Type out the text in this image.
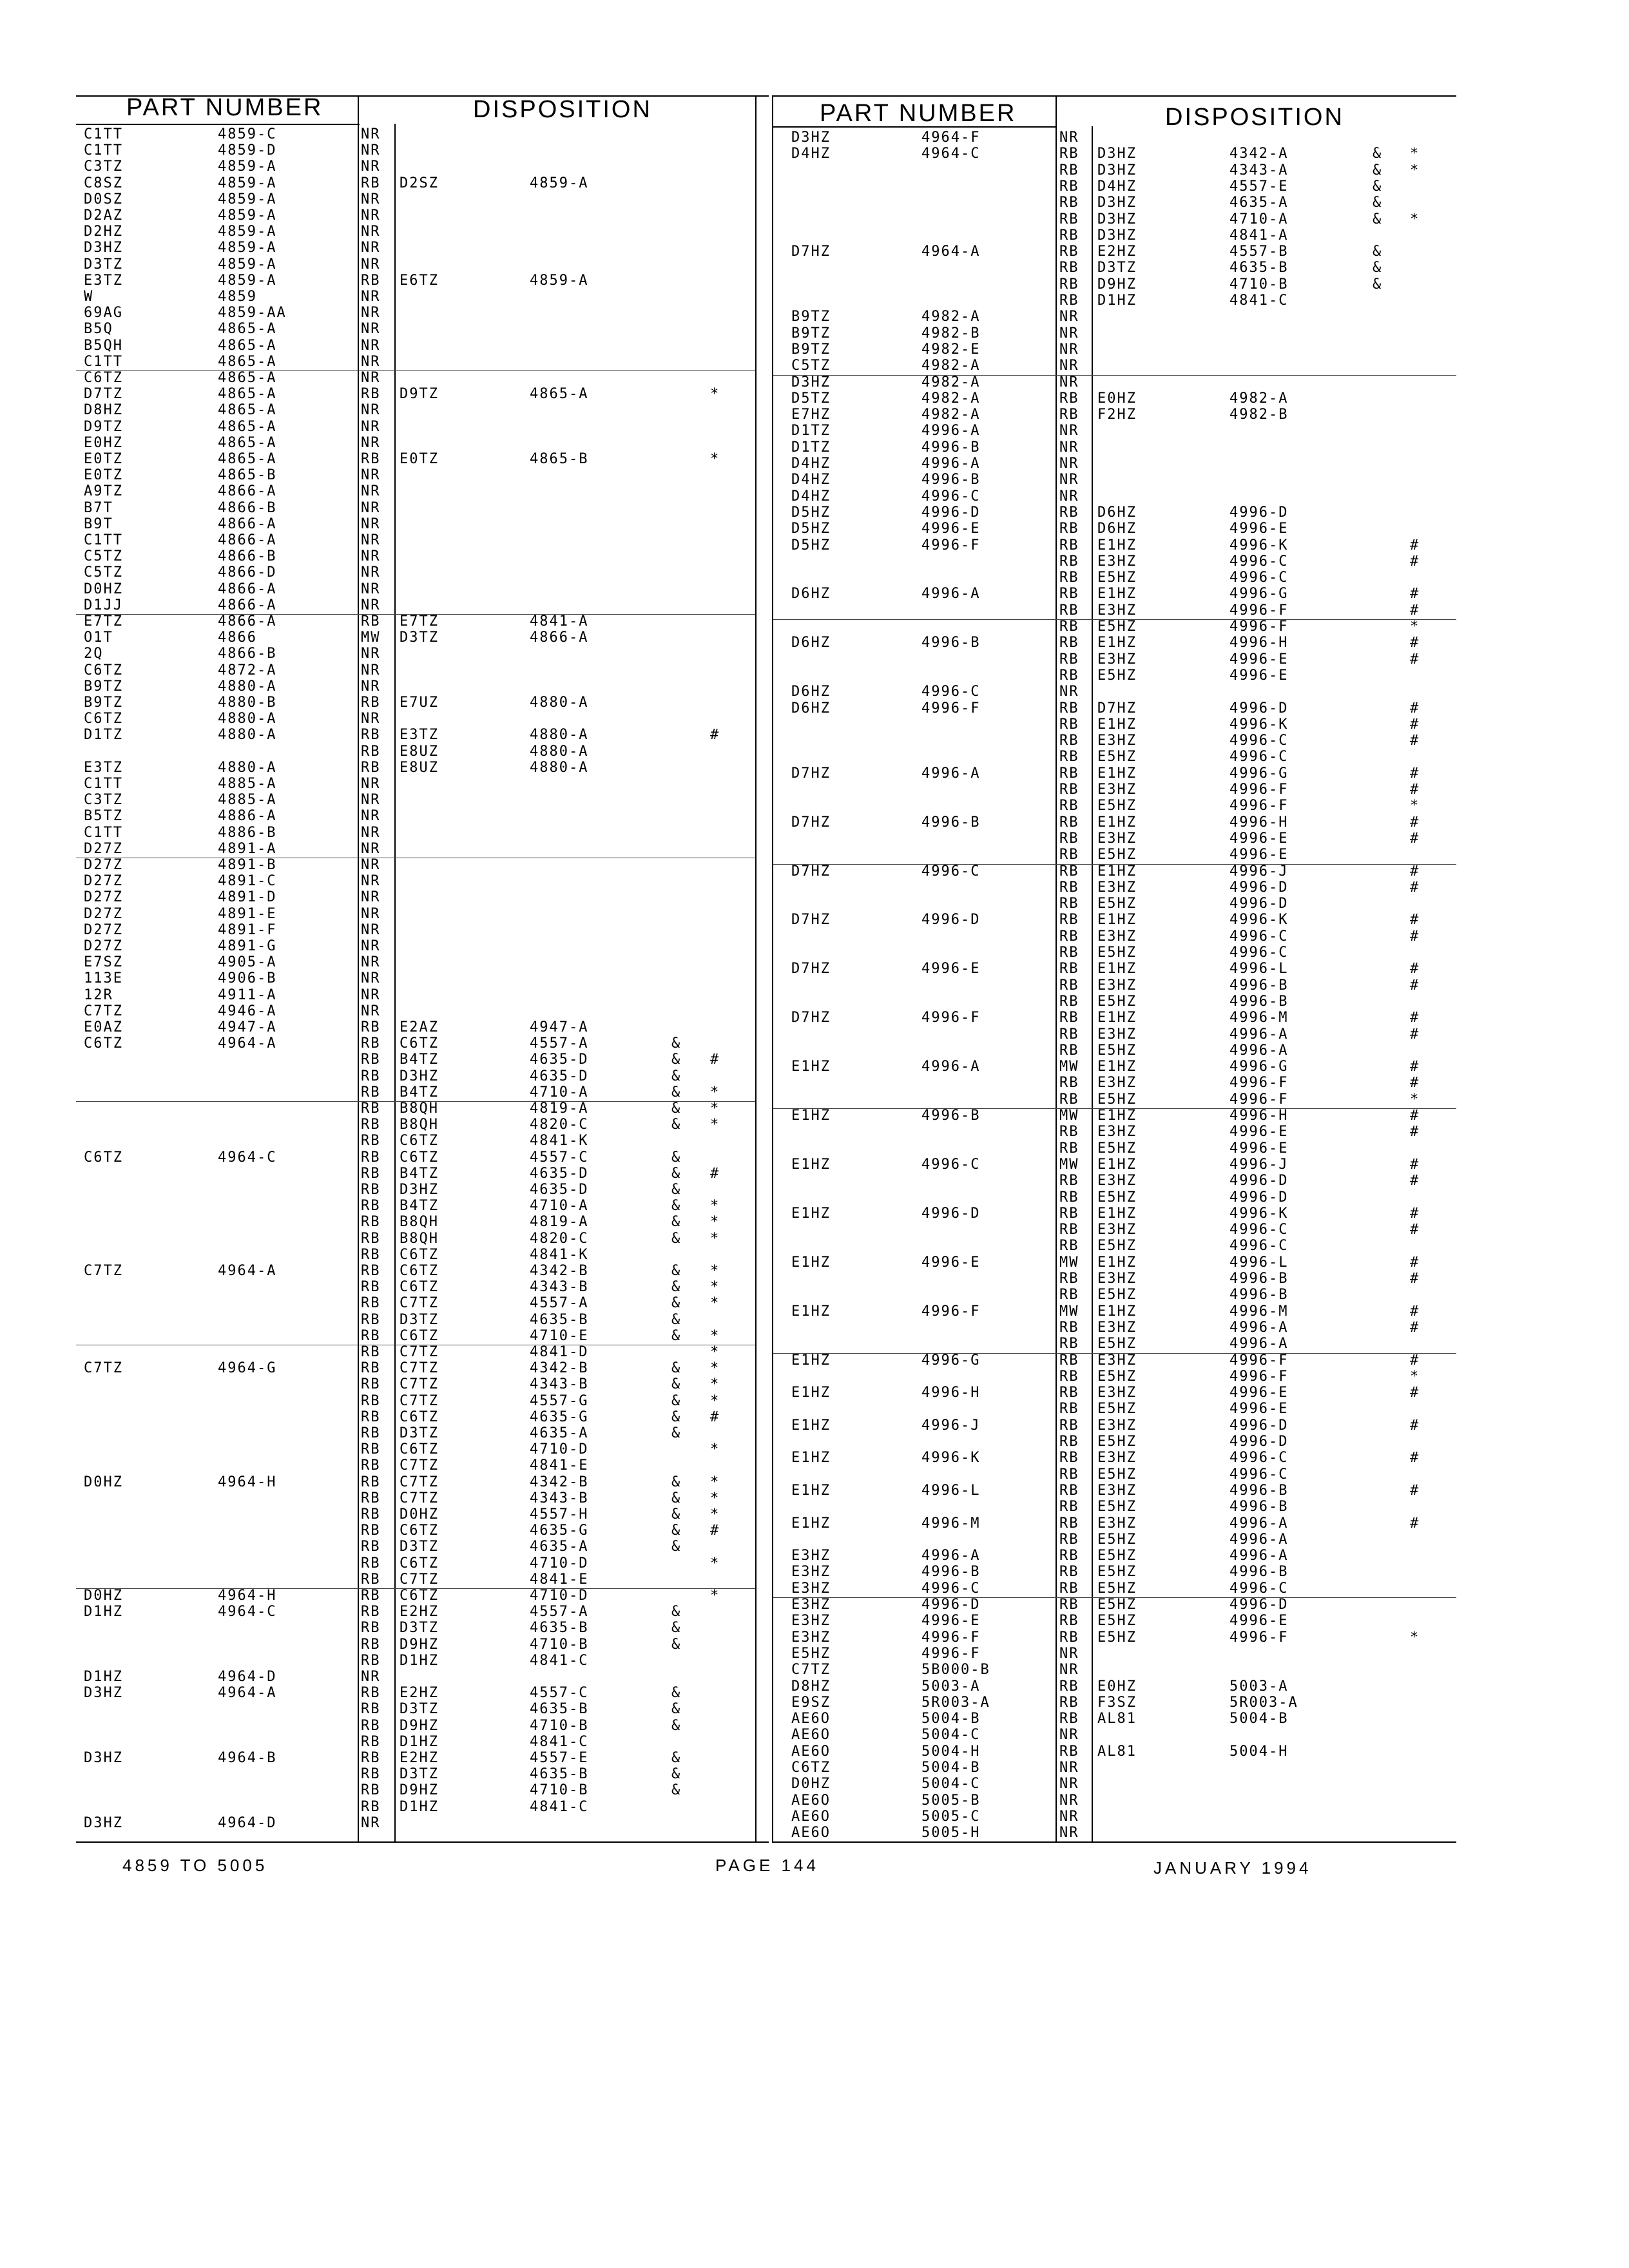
PART NUMBER	DISPOSITION	PART NUMBER	DISPOSITION
C1TT	4859-C	NR
C1TT	4859-D	NR
C3TZ	4859-A	NR
C8SZ	4859-A	RB D2SZ	4859-A
D0SZ	4859-A	NR
D2AZ	4859-A	NR
D2HZ	4859-A	NR
D3HZ	4859-A	NR
D3TZ	4859-A	NR
E3TZ	4859-A	RB E6TZ	4859-A
W	4859	NR
69AG	4859-AA	NR
B5Q	4865-A	NR
B5QH	4865-A	NR
C1TT	4865-A	NR
C6TZ	4865-A	NR
D7TZ	4865-A	RB D9TZ	4865-A	*
D8HZ	4865-A	NR
D9TZ	4865-A	NR
E0HZ	4865-A	NR
E0TZ	4865-A	RB E0TZ	4865-B	*
E0TZ	4865-B	NR
A9TZ	4866-A	NR
B7T	4866-B	NR
B9T	4866-A	NR
C1TT	4866-A	NR
C5TZ	4866-B	NR
C5TZ	4866-D	NR
D0HZ	4866-A	NR
D1JJ	4866-A	NR
E7TZ	4866-A	RB E7TZ	4841-A
O1T	4866	MW D3TZ	4866-A
2Q	4866-B	NR
C6TZ	4872-A	NR
B9TZ	4880-A	NR
B9TZ	4880-B	RB E7UZ	4880-A
C6TZ	4880-A	NR
D1TZ	4880-A	RB E3TZ	4880-A	#
RB E8UZ	4880-A
E3TZ	4880-A	RB E8UZ	4880-A
C1TT	4885-A	NR
C3TZ	4885-A	NR
B5TZ	4886-A	NR
C1TT	4886-B	NR
D27Z	4891-A	NR
D27Z	4891-B	NR
D27Z	4891-C	NR
D27Z	4891-D	NR
D27Z	4891-E	NR
D27Z	4891-F	NR
D27Z	4891-G	NR
E7SZ	4905-A	NR
113E	4906-B	NR
12R	4911-A	NR
C7TZ	4946-A	NR
E0AZ	4947-A	RB E2AZ	4947-A
C6TZ	4964-A	RB C6TZ	4557-A	&
RB B4TZ	4635-D	& #
RB D3HZ	4635-D	&
RB B4TZ	4710-A	& *
RB B8QH	4819-A	& *
RB B8QH	4820-C	& *
RB C6TZ	4841-K
C6TZ	4964-C	RB C6TZ	4557-C	&
RB B4TZ	4635-D	& #
RB D3HZ	4635-D	&
RB B4TZ	4710-A	& *
RB B8QH	4819-A	& *
RB B8QH	4820-C	& *
RB C6TZ	4841-K
C7TZ	4964-A	RB C6TZ	4342-B	& *
RB C6TZ	4343-B	& *
RB C7TZ	4557-A	& *
RB D3TZ	4635-B	&
RB C6TZ	4710-E	& *
RB C7TZ	4841-D	*
C7TZ	4964-G	RB C7TZ	4342-B	& *
RB C7TZ	4343-B	& *
RB C7TZ	4557-G	& *
RB C6TZ	4635-G	& #
RB D3TZ	4635-A	&
RB C6TZ	4710-D	*
RB C7TZ	4841-E
D0HZ	4964-H	RB C7TZ	4342-B	& *
RB C7TZ	4343-B	& *
RB D0HZ	4557-H	& *
RB C6TZ	4635-G	& #
RB D3TZ	4635-A	&
RB C6TZ	4710-D	*
RB C7TZ	4841-E
D0HZ	4964-H	RB C6TZ	4710-D	*
D1HZ	4964-C	RB E2HZ	4557-A	&
RB D3TZ	4635-B	&
RB D9HZ	4710-B	&
RB D1HZ	4841-C
D1HZ	4964-D	NR
D3HZ	4964-A	RB E2HZ	4557-C	&
RB D3TZ	4635-B	&
RB D9HZ	4710-B	&
RB D1HZ	4841-C
D3HZ	4964-B	RB E2HZ	4557-E	&
RB D3TZ	4635-B	&
RB D9HZ	4710-B	&
RB D1HZ	4841-C
D3HZ	4964-D	NR
D3HZ	4964-F	NR
D4HZ	4964-C	RB D3HZ	4342-A	& *
RB D3HZ	4343-A	& *
RB D4HZ	4557-E	&
RB D3HZ	4635-A	&
RB D3HZ	4710-A	& *
RB D3HZ	4841-A
D7HZ	4964-A	RB E2HZ	4557-B	&
RB D3TZ	4635-B	&
RB D9HZ	4710-B	&
RB D1HZ	4841-C
B9TZ	4982-A	NR
B9TZ	4982-B	NR
B9TZ	4982-E	NR
C5TZ	4982-A	NR
D3HZ	4982-A	NR
D5TZ	4982-A	RB E0HZ	4982-A
E7HZ	4982-A	RB F2HZ	4982-B
D1TZ	4996-A	NR
D1TZ	4996-B	NR
D4HZ	4996-A	NR
D4HZ	4996-B	NR
D4HZ	4996-C	NR
D5HZ	4996-D	RB D6HZ	4996-D
D5HZ	4996-E	RB D6HZ	4996-E
D5HZ	4996-F	RB E1HZ	4996-K	#
RB E3HZ	4996-C	#
RB E5HZ	4996-C
D6HZ	4996-A	RB E1HZ	4996-G	#
RB E3HZ	4996-F	#
RB E5HZ	4996-F	*
D6HZ	4996-B	RB E1HZ	4996-H	#
RB E3HZ	4996-E	#
RB E5HZ	4996-E
D6HZ	4996-C	NR
D6HZ	4996-F	RB D7HZ	4996-D	#
RB E1HZ	4996-K	#
RB E3HZ	4996-C	#
RB E5HZ	4996-C
D7HZ	4996-A	RB E1HZ	4996-G	#
RB E3HZ	4996-F	#
RB E5HZ	4996-F	*
D7HZ	4996-B	RB E1HZ	4996-H	#
RB E3HZ	4996-E	#
RB E5HZ	4996-E
D7HZ	4996-C	RB E1HZ	4996-J	#
RB E3HZ	4996-D	#
RB E5HZ	4996-D
D7HZ	4996-D	RB E1HZ	4996-K	#
RB E3HZ	4996-C	#
RB E5HZ	4996-C
D7HZ	4996-E	RB E1HZ	4996-L	#
RB E3HZ	4996-B	#
RB E5HZ	4996-B
D7HZ	4996-F	RB E1HZ	4996-M	#
RB E3HZ	4996-A	#
RB E5HZ	4996-A
E1HZ	4996-A	MW E1HZ	4996-G	#
RB E3HZ	4996-F	#
RB E5HZ	4996-F	*
E1HZ	4996-B	MW E1HZ	4996-H	#
RB E3HZ	4996-E	#
RB E5HZ	4996-E
E1HZ	4996-C	MW E1HZ	4996-J	#
RB E3HZ	4996-D	#
RB E5HZ	4996-D
E1HZ	4996-D	RB E1HZ	4996-K	#
RB E3HZ	4996-C	#
RB E5HZ	4996-C
E1HZ	4996-E	MW E1HZ	4996-L	#
RB E3HZ	4996-B	#
RB E5HZ	4996-B
E1HZ	4996-F	MW E1HZ	4996-M	#
RB E3HZ	4996-A	#
RB E5HZ	4996-A
E1HZ	4996-G	RB E3HZ	4996-F	#
RB E5HZ	4996-F	*
E1HZ	4996-H	RB E3HZ	4996-E	#
RB E5HZ	4996-E
E1HZ	4996-J	RB E3HZ	4996-D	#
RB E5HZ	4996-D
E1HZ	4996-K	RB E3HZ	4996-C	#
RB E5HZ	4996-C
E1HZ	4996-L	RB E3HZ	4996-B	#
RB E5HZ	4996-B
E1HZ	4996-M	RB E3HZ	4996-A	#
RB E5HZ	4996-A
E3HZ	4996-A	RB E5HZ	4996-A
E3HZ	4996-B	RB E5HZ	4996-B
E3HZ	4996-C	RB E5HZ	4996-C
E3HZ	4996-D	RB E5HZ	4996-D
E3HZ	4996-E	RB E5HZ	4996-E
E3HZ	4996-F	RB E5HZ	4996-F	*
E5HZ	4996-F	NR
C7TZ	5B000-B	NR
D8HZ	5003-A	RB E0HZ	5003-A
E9SZ	5R003-A	RB F3SZ	5R003-A
AE6O	5004-B	RB AL81	5004-B
AE6O	5004-C	NR
AE6O	5004-H	RB AL81	5004-H
C6TZ	5004-B	NR
D0HZ	5004-C	NR
AE6O	5005-B	NR
AE6O	5005-C	NR
AE6O	5005-H	NR
4859 TO 5005	PAGE 144	JANUARY 1994
